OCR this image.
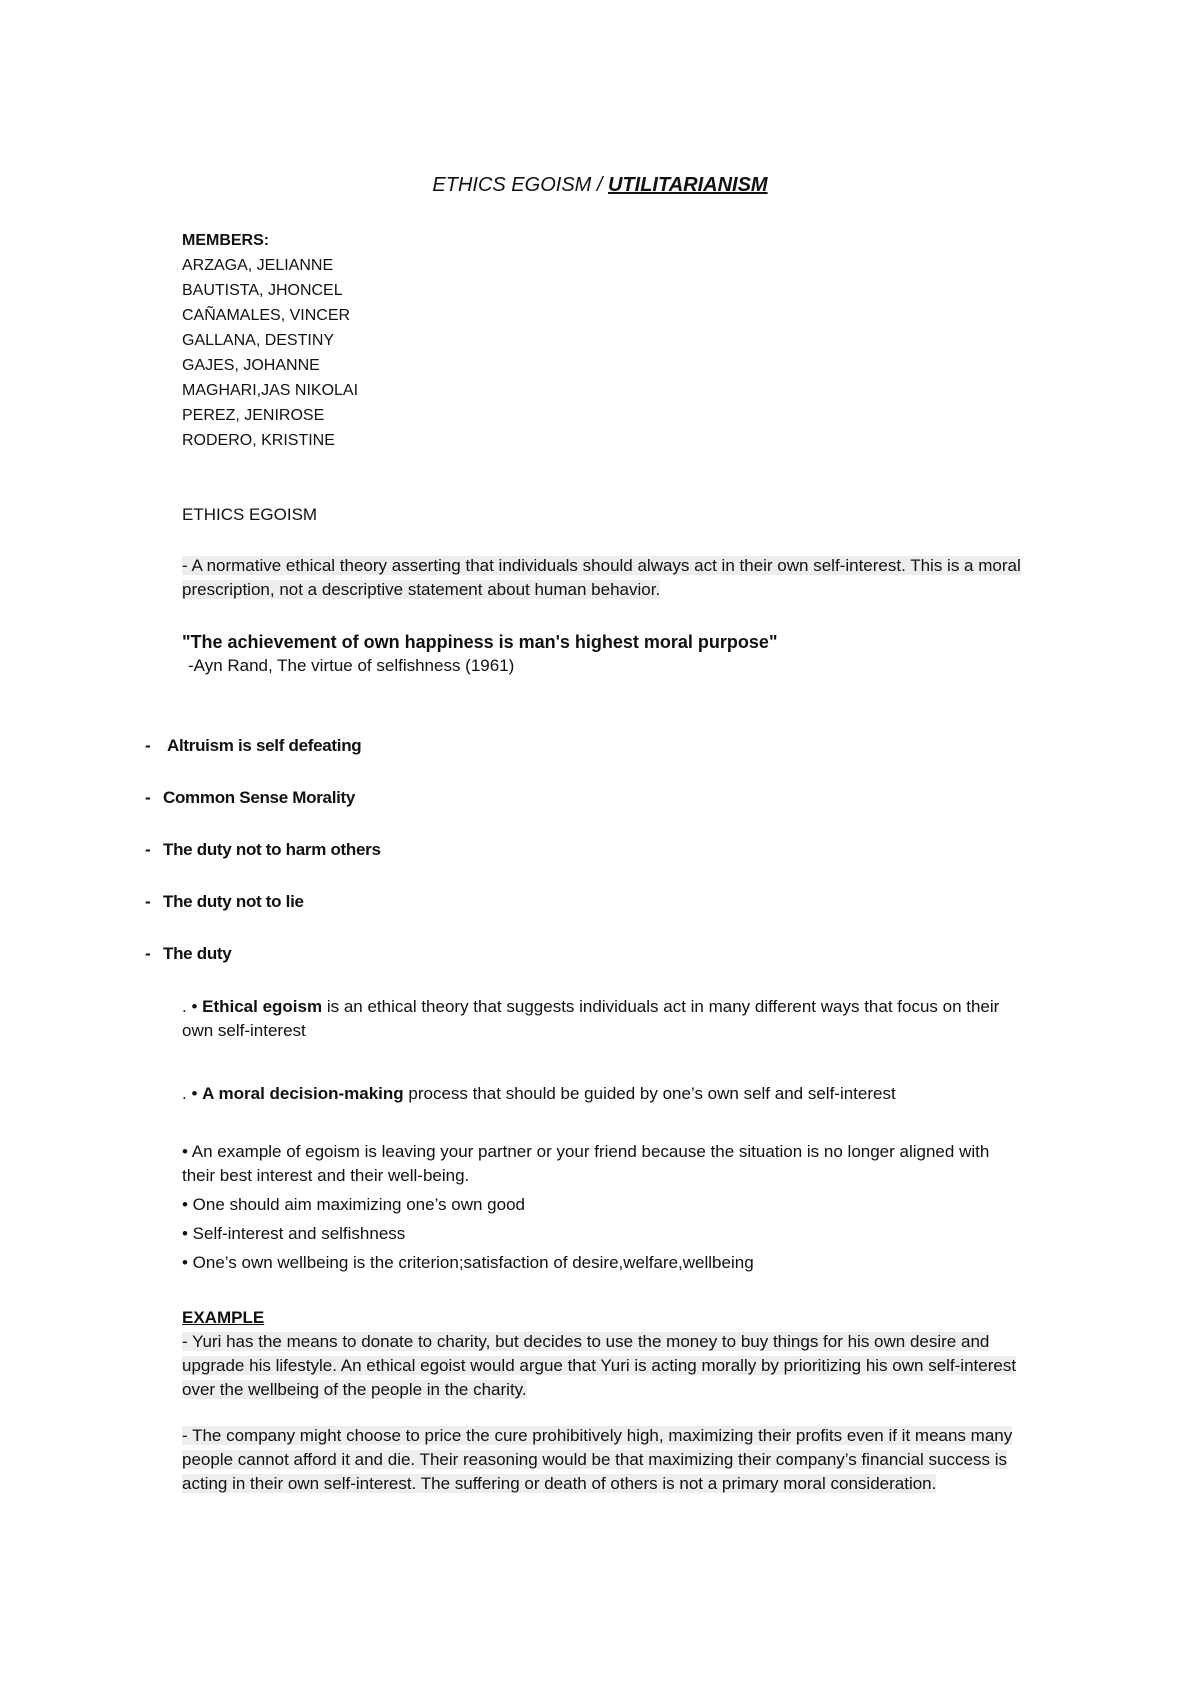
ETHICS EGOISM / UTILITARIANISM
MEMBERS:
ARZAGA, JELIANNE
BAUTISTA, JHONCEL
CAÑAMALES, VINCER
GALLANA, DESTINY
GAJES, JOHANNE
MAGHARI,JAS NIKOLAI
PEREZ, JENIROSE
RODERO, KRISTINE
ETHICS EGOISM
- A normative ethical theory asserting that individuals should always act in their own self-interest. This is a moral prescription, not a descriptive statement about human behavior.
"The achievement of own happiness is man's highest moral purpose"
-Ayn Rand, The virtue of selfishness (1961)
- Altruism is self defeating
- Common Sense Morality
- The duty not to harm others
- The duty not to lie
- The duty
. • Ethical egoism is an ethical theory that suggests individuals act in many different ways that focus on their own self-interest
. • A moral decision-making process that should be guided by one’s own self and self-interest

• An example of egoism is leaving your partner or your friend because the situation is no longer aligned with their best interest and their well-being.

• One should aim maximizing one’s own good

• Self-interest and selfishness

• One’s own wellbeing is the criterion;satisfaction of desire,welfare,wellbeing

EXAMPLE

- Yuri has the means to donate to charity, but decides to use the money to buy things for his own desire and upgrade his lifestyle. An ethical egoist would argue that Yuri is acting morally by prioritizing his own self-interest over the wellbeing of the people in the charity.

- The company might choose to price the cure prohibitively high, maximizing their profits even if it means many people cannot afford it and die. Their reasoning would be that maximizing their company’s financial success is acting in their own self-interest. The suffering or death of others is not a primary moral consideration.
